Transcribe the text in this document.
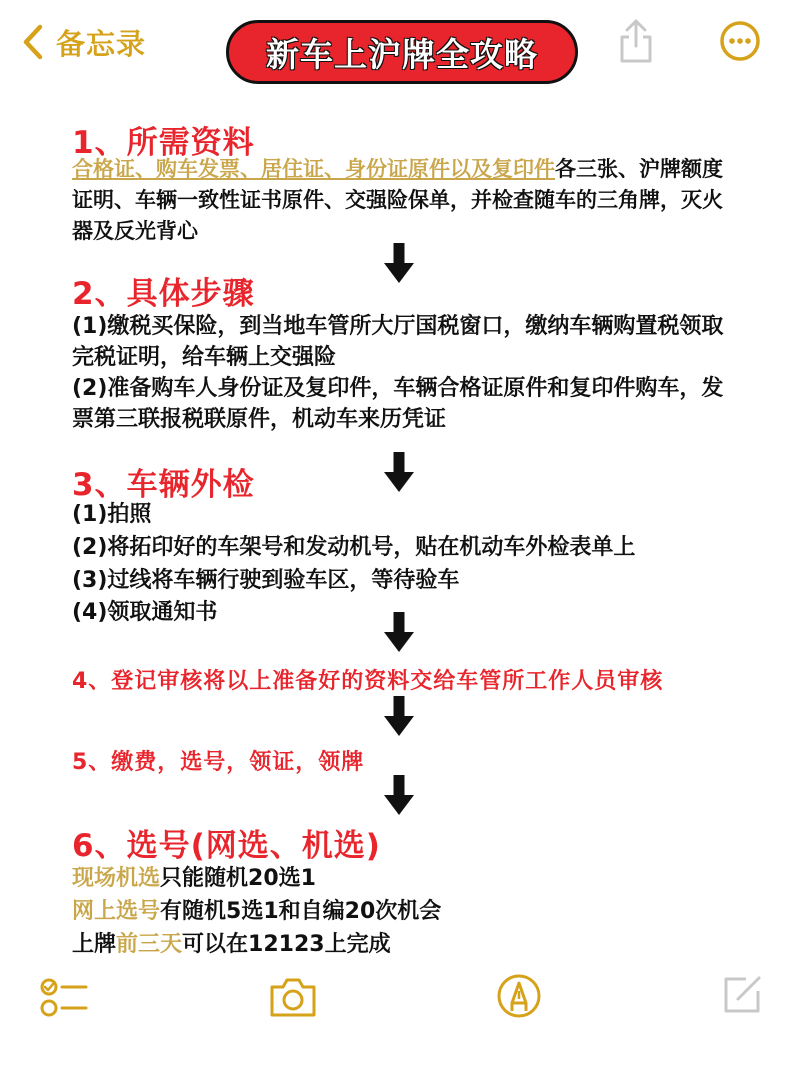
备忘录	新车上沪牌全攻略
1、所需资料
合格证、购车发票、居住证、身份证原件以及复印件各三张、沪牌额度证明、车辆一致性证书原件、交强险保单，并检查随车的三角牌，灭火器及反光背心
2、具体步骤
(1)缴税买保险，到当地车管所大厅国税窗口，缴纳车辆购置税领取完税证明，给车辆上交强险
(2)准备购车人身份证及复印件，车辆合格证原件和复印件购车，发票第三联报税联原件，机动车来历凭证
3、车辆外检
(1)拍照
(2)将拓印好的车架号和发动机号，贴在机动车外检表单上
(3)过线将车辆行驶到验车区，等待验车
(4)领取通知书
4、登记审核将以上准备好的资料交给车管所工作人员审核
5、缴费，选号，领证，领牌
6、选号(网选、机选)
现场机选只能随机20选1
网上选号有随机5选1和自编20次机会
上牌前三天可以在12123上完成
